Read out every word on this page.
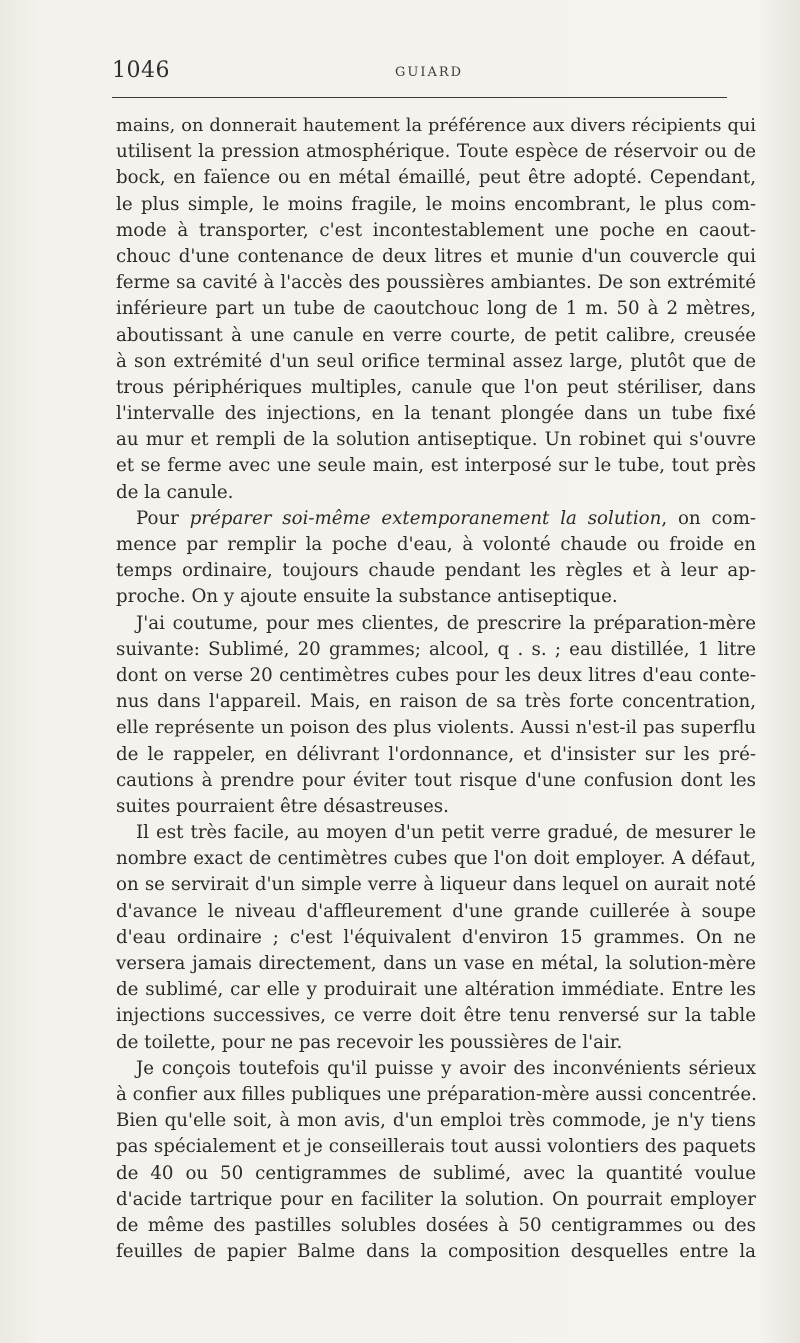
1046	GUIARD
mains, on donnerait hautement la préférence aux divers récipients qui
utilisent la pression atmosphérique. Toute espèce de réservoir ou de
bock, en faïence ou en métal émaillé, peut être adopté. Cependant,
le plus simple, le moins fragile, le moins encombrant, le plus com-
mode à transporter, c'est incontestablement une poche en caout-
chouc d'une contenance de deux litres et munie d'un couvercle qui
ferme sa cavité à l'accès des poussières ambiantes. De son extrémité
inférieure part un tube de caoutchouc long de 1 m. 50 à 2 mètres,
aboutissant à une canule en verre courte, de petit calibre, creusée
à son extrémité d'un seul orifice terminal assez large, plutôt que de
trous périphériques multiples, canule que l'on peut stériliser, dans
l'intervalle des injections, en la tenant plongée dans un tube fixé
au mur et rempli de la solution antiseptique. Un robinet qui s'ouvre
et se ferme avec une seule main, est interposé sur le tube, tout près
de la canule.
Pour préparer soi-même extemporanement la solution, on com-
mence par remplir la poche d'eau, à volonté chaude ou froide en
temps ordinaire, toujours chaude pendant les règles et à leur ap-
proche. On y ajoute ensuite la substance antiseptique.
J'ai coutume, pour mes clientes, de prescrire la préparation-mère
suivante: Sublimé, 20 grammes; alcool, q . s. ; eau distillée, 1 litre
dont on verse 20 centimètres cubes pour les deux litres d'eau conte-
nus dans l'appareil. Mais, en raison de sa très forte concentration,
elle représente un poison des plus violents. Aussi n'est-il pas superflu
de le rappeler, en délivrant l'ordonnance, et d'insister sur les pré-
cautions à prendre pour éviter tout risque d'une confusion dont les
suites pourraient être désastreuses.
Il est très facile, au moyen d'un petit verre gradué, de mesurer le
nombre exact de centimètres cubes que l'on doit employer. A défaut,
on se servirait d'un simple verre à liqueur dans lequel on aurait noté
d'avance le niveau d'affleurement d'une grande cuillerée à soupe
d'eau ordinaire ; c'est l'équivalent d'environ 15 grammes. On ne
versera jamais directement, dans un vase en métal, la solution-mère
de sublimé, car elle y produirait une altération immédiate. Entre les
injections successives, ce verre doit être tenu renversé sur la table
de toilette, pour ne pas recevoir les poussières de l'air.
Je conçois toutefois qu'il puisse y avoir des inconvénients sérieux
à confier aux filles publiques une préparation-mère aussi concentrée.
Bien qu'elle soit, à mon avis, d'un emploi très commode, je n'y tiens
pas spécialement et je conseillerais tout aussi volontiers des paquets
de 40 ou 50 centigrammes de sublimé, avec la quantité voulue
d'acide tartrique pour en faciliter la solution. On pourrait employer
de même des pastilles solubles dosées à 50 centigrammes ou des
feuilles de papier Balme dans la composition desquelles entre la
